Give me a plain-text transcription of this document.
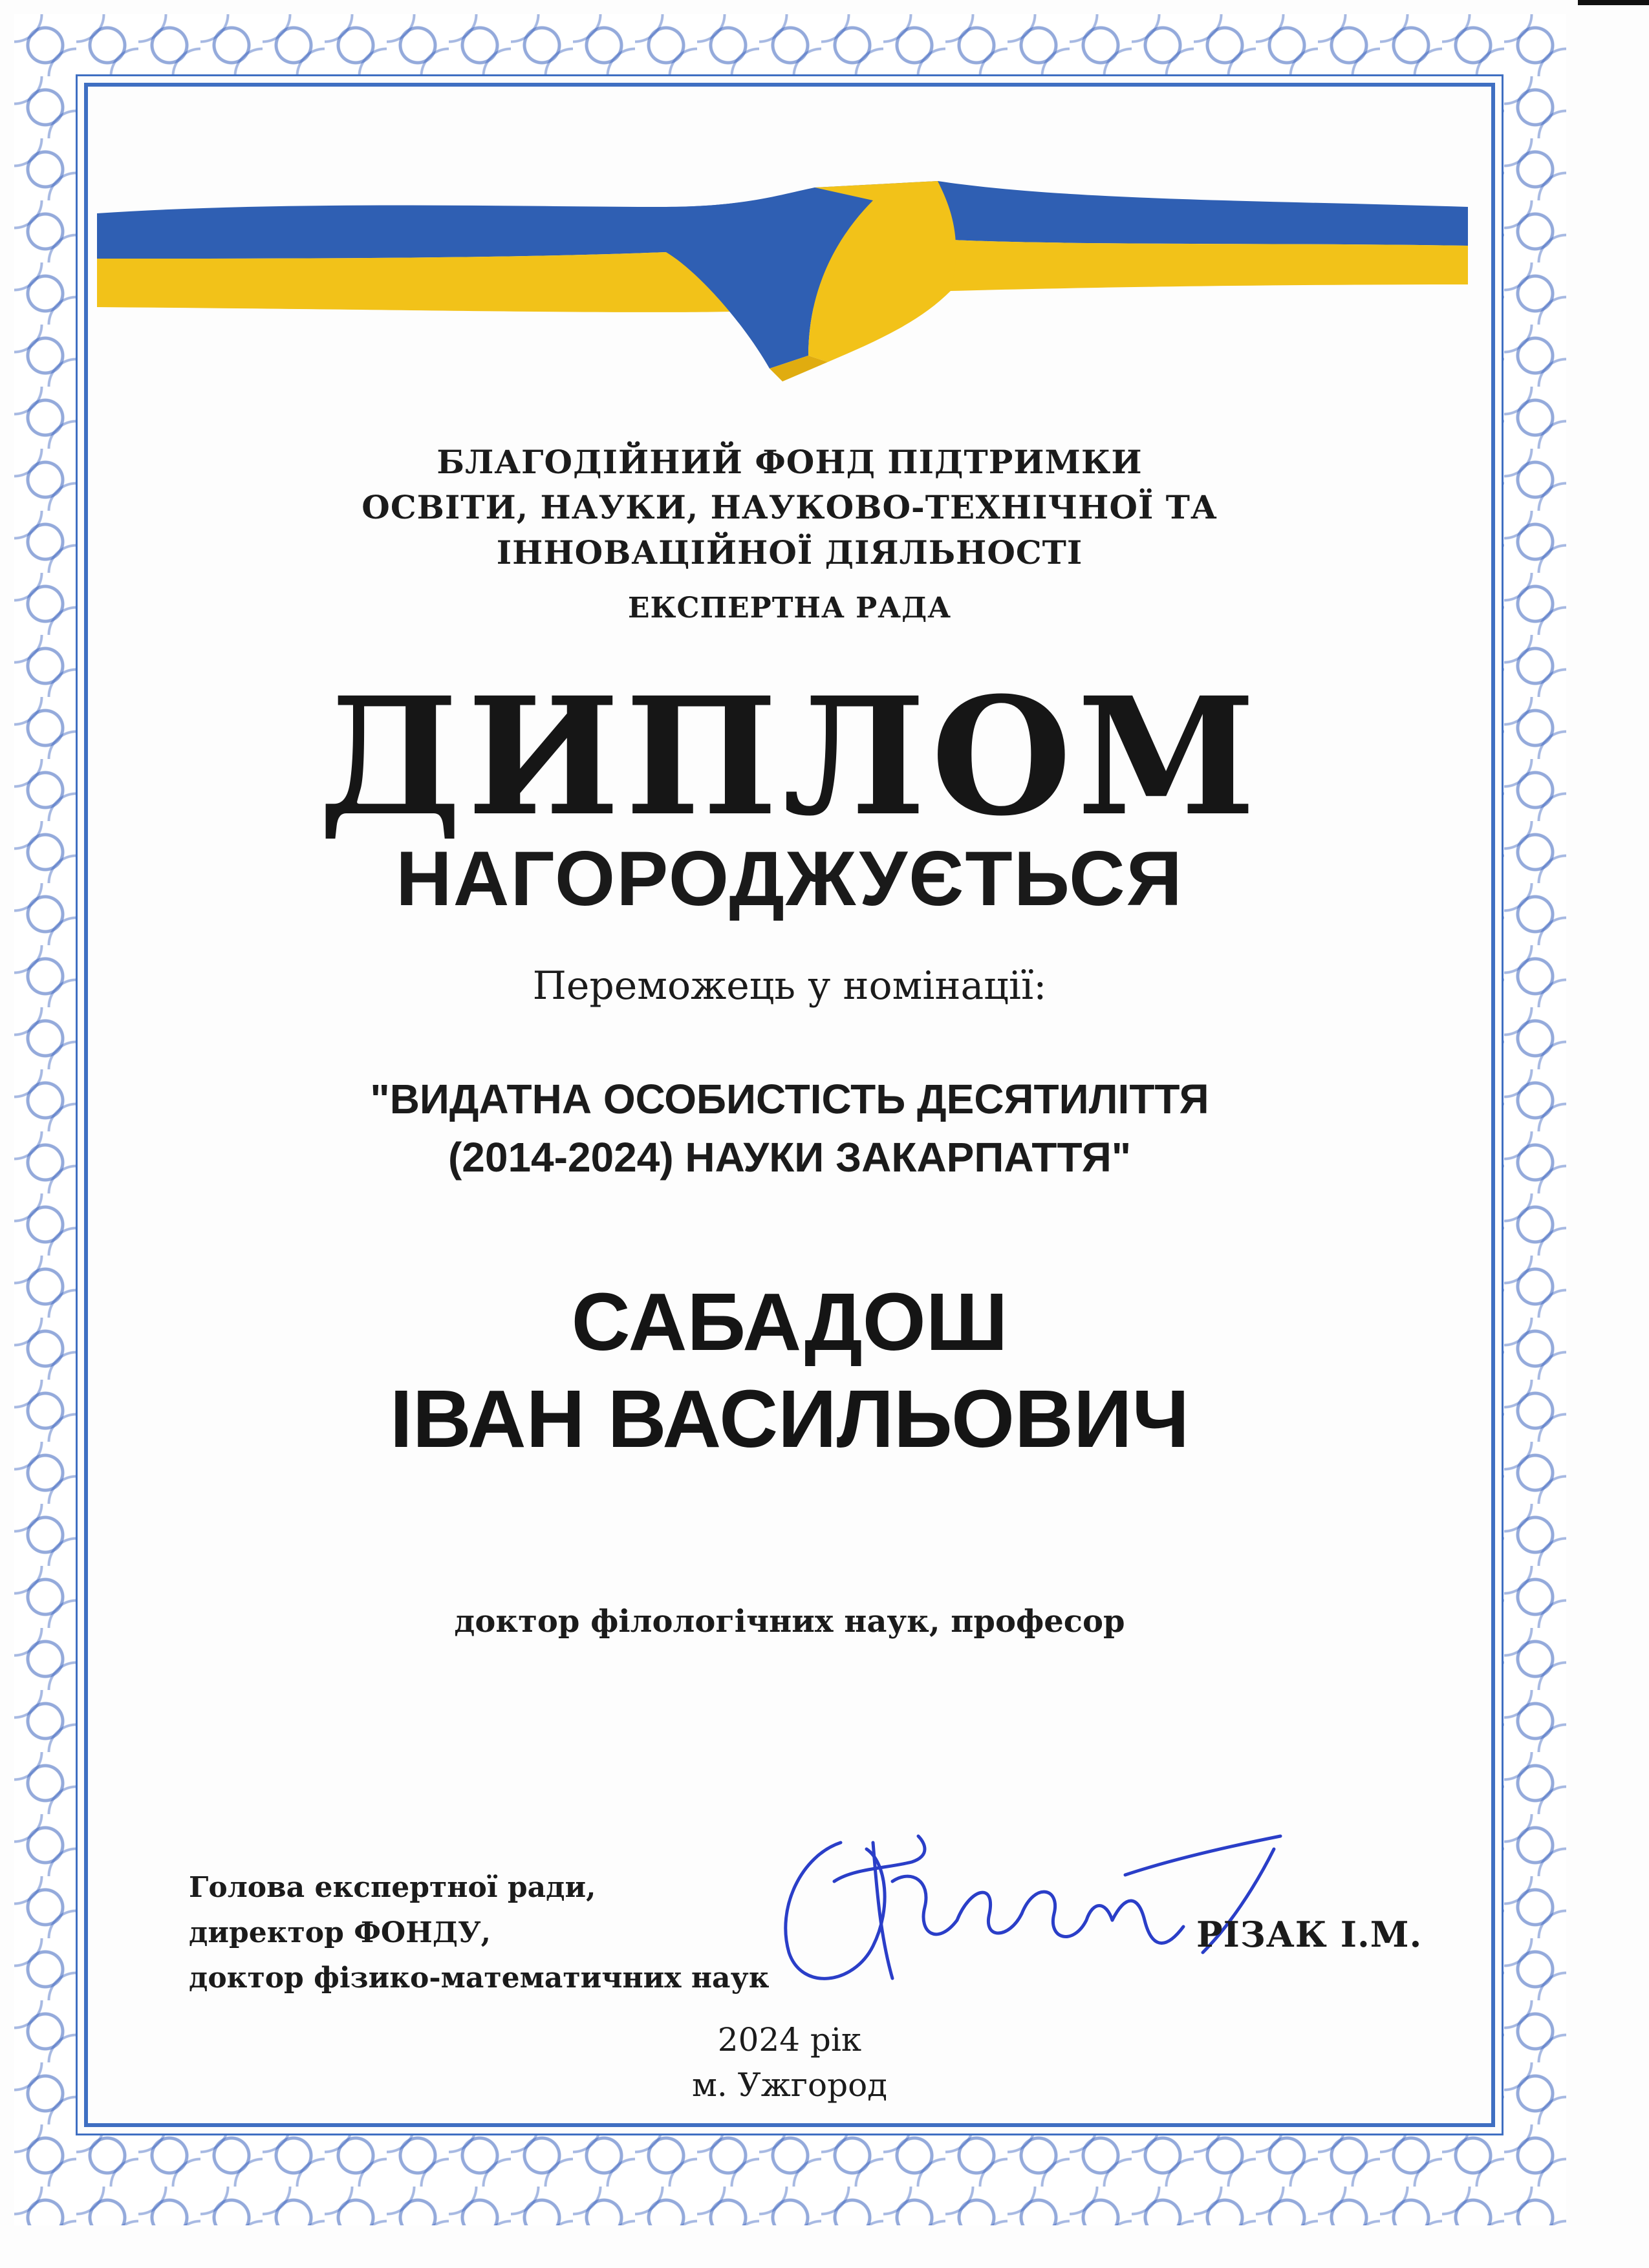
БЛАГОДІЙНИЙ ФОНД ПІДТРИМКИ
ОСВІТИ, НАУКИ, НАУКОВО-ТЕХНІЧНОЇ ТА
ІННОВАЦІЙНОЇ ДІЯЛЬНОСТІ
ЕКСПЕРТНА РАДА
ДИПЛОМ
НАГОРОДЖУЄТЬСЯ
Переможець у номінації:
"ВИДАТНА ОСОБИСТІСТЬ ДЕСЯТИЛІТТЯ
(2014-2024) НАУКИ ЗАКАРПАТТЯ"
САБАДОШ
ІВАН ВАСИЛЬОВИЧ
доктор філологічних наук, професор
Голова експертної ради,
директор ФОНДУ,
доктор фізико-математичних наук
РІЗАК І.М.
2024 рік
м. Ужгород
